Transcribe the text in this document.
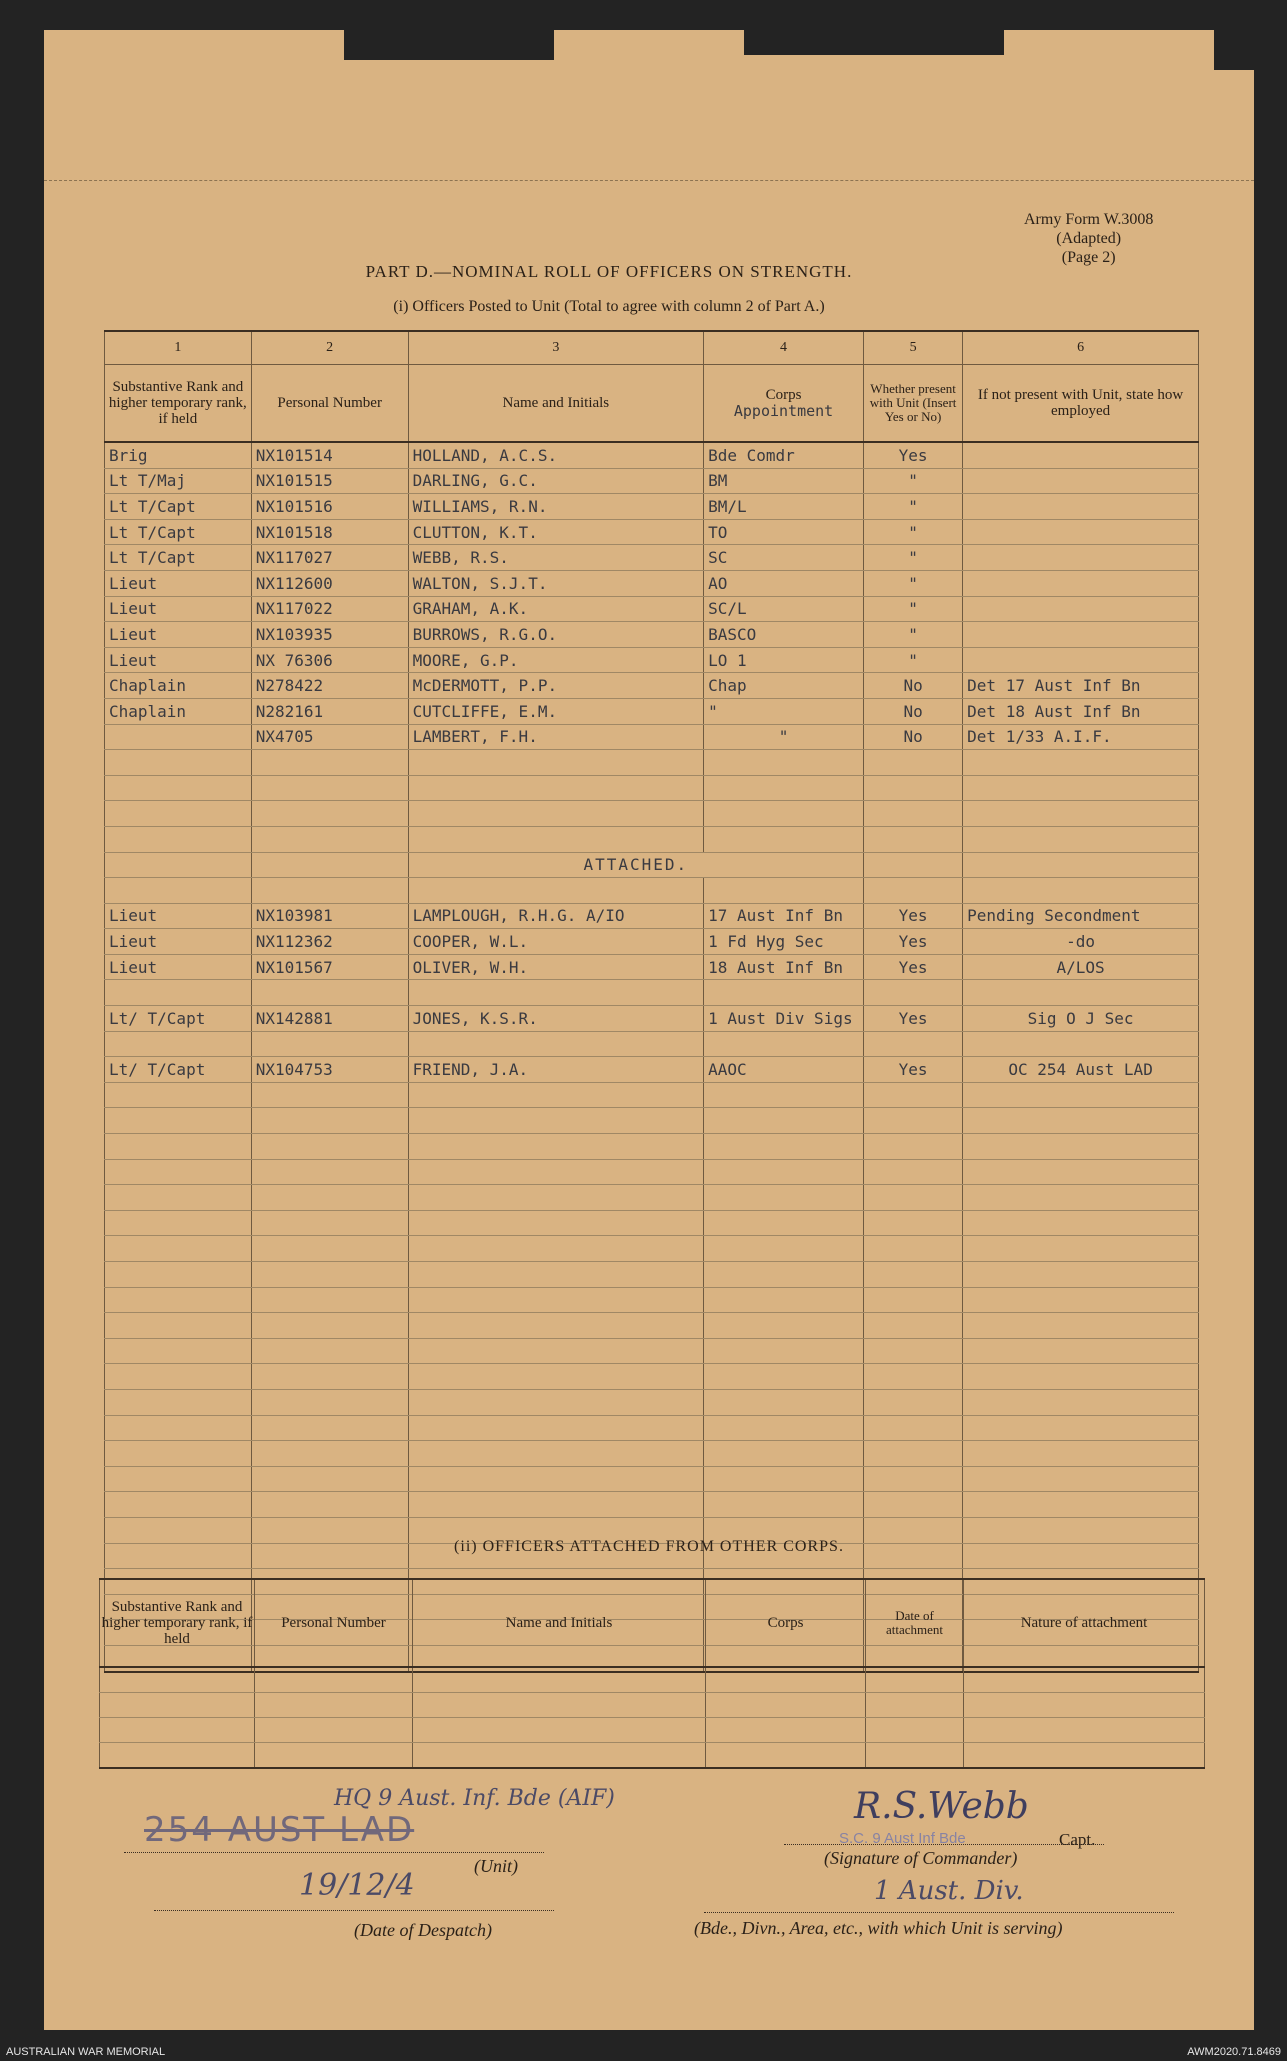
Army Form W.3008
(Adapted)
(Page 2)
PART D.—NOMINAL ROLL OF OFFICERS ON STRENGTH.
(i) Officers Posted to Unit (Total to agree with column 2 of Part A.)
1	2	3	4	5	6
Substantive Rank and higher temporary rank, if held	Personal Number	Name and Initials	Corps
Appointment	Whether present with Unit (Insert Yes or No)	If not present with Unit, state how employed
Brig	NX101514	HOLLAND, A.C.S.	Bde Comdr	Yes	
Lt T/Maj	NX101515	DARLING, G.C.	BM	"	
Lt T/Capt	NX101516	WILLIAMS, R.N.	BM/L	"	
Lt T/Capt	NX101518	CLUTTON, K.T.	TO	"	
Lt T/Capt	NX117027	WEBB, R.S.	SC	"	
Lieut	NX112600	WALTON, S.J.T.	AO	"	
Lieut	NX117022	GRAHAM, A.K.	SC/L	"	
Lieut	NX103935	BURROWS, R.G.O.	BASCO	"	
Lieut	NX 76306	MOORE, G.P.	LO 1	"	
Chaplain	N278422	McDERMOTT, P.P.	Chap	No	Det 17 Aust Inf Bn
Chaplain	N282161	CUTCLIFFE, E.M.	"	No	Det 18 Aust Inf Bn
	NX4705	LAMBERT, F.H.	"	No	Det 1/33 A.I.F.

		ATTACHED.			

Lieut	NX103981	LAMPLOUGH, R.H.G. A/IO	17 Aust Inf Bn	Yes	Pending Secondment
Lieut	NX112362	COOPER, W.L.	1 Fd Hyg Sec	Yes	-do
Lieut	NX101567	OLIVER, W.H.	18 Aust Inf Bn	Yes	A/LOS

Lt/ T/Capt	NX142881	JONES, K.S.R.	1 Aust Div Sigs	Yes	Sig O J Sec

Lt/ T/Capt	NX104753	FRIEND, J.A.	AAOC	Yes	OC 254 Aust LAD

(ii) OFFICERS ATTACHED FROM OTHER CORPS.
Substantive Rank and higher temporary rank, if held	Personal Number	Name and Initials	Corps	Date of attachment	Nature of attachment

HQ 9 Aust. Inf. Bde (AIF)
254 AUST LAD
(Unit)
19/12/4
(Date of Despatch)
R.S.Webb
S.C. 9 Aust Inf Bde	Capt.
(Signature of Commander)
1 Aust. Div.
(Bde., Divn., Area, etc., with which Unit is serving)
AUSTRALIAN WAR MEMORIAL	AWM2020.71.8469
